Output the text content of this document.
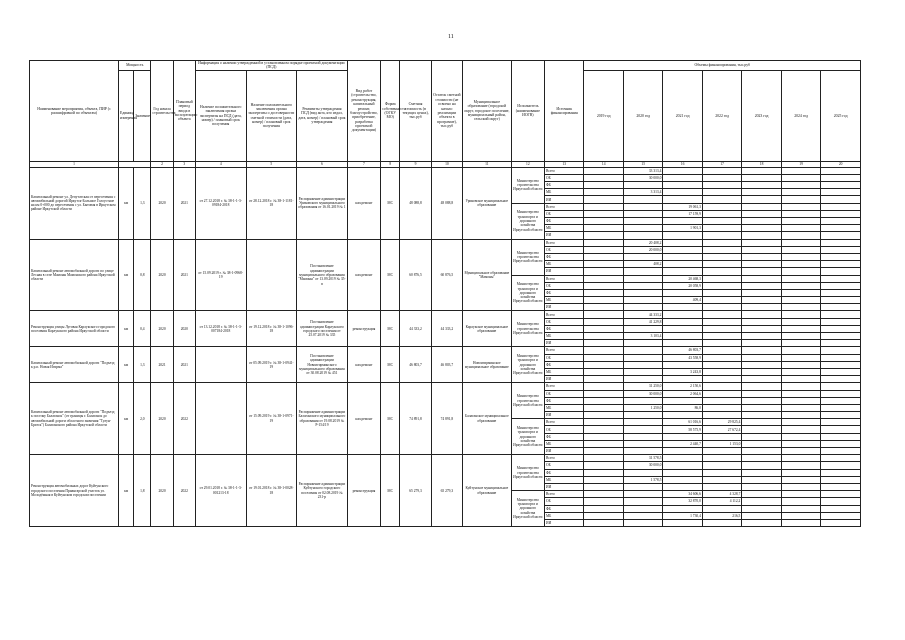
11
Наименование мероприятия, объекта, ПИР (с расшифровкой по объектам)	Мощность		Год начала строительства	Плановый период ввода в эксплуатацию объекта	Информация о наличии утвержденной в установленном порядке проектной документации (ПСД)			Вид работ (строительство, реконструкция, капитальный ремонт, благоустройство, приобретение, разработка проектной документации)	Форма собственности (ОГКУ МО)	Сметная стоимость (в текущих ценах), тыс.руб	Остаток сметной стоимости (не освоено на начало реализации объекта в программе), тыс.руб	Муниципальное образование (городской округ, городское поселение, муниципальный район, сельский округ)	Исполнитель (наименование ИОГВ)	Источник финансирования	Объемы финансирования, тыс.руб						
	Единица измерения	Значение			Наличие положительного заключения органа экспертизы на ПСД (дата, номер) / плановый срок получения	Наличие положительного заключения органа экспертизы о достоверности сметной стоимости (дата, номер) / плановый срок получения	Реквизиты утверждения ПСД (вид акта, кто издал, дата, номер) / плановый срок утверждения								2019 год	2020 год	2021 год	2022 год	2023 год	2024 год	2025 год

1			2	3	4	5	6	7	8	9	10	11	12	13	14	15	16	17	18	19	20
Капитальный ремонт ул. Депутатская от пересечения с автомобильной дорогой Иркутск-Большое Голоустное на км 0+000 до пересечения с ул. Бытовая в Иркутском районе Иркутской области	км	1,3	2020	2021	от 27.12.2018 г. № 38-1-1-3-09184-2018	от 28.12.2018 г. № 38-1-1181-18	Распоряжение администрации Уриковского муниципального образования от 16.01.2019 № 1	кап.ремонт	МС	48 088,8	48 088,8	Уриковское муниципальное образование	Министерство строительства Иркутской области	Всего		33 313,4					
														ОБ		30 000,0					
														ФБ							
														МБ		3 313,4					
														ИИ							
													Министерство транспорта и дорожного хозяйства Иркутской области	Всего			19 061,3				
														ОБ			17 159,9				
														ФБ							
														МБ			1 901,3				
														ИИ							
Капитальный ремонт автомобильной дороги по улице Лесная в селе Мамоны Мамонского района Иркутской области	км	0,8	2020	2021	от 15.09.2019 г. № 38-1-0968-19		Постановление администрации муниципального образования "Мамоны" от 13.09.2019 № 35-п	кап.ремонт	МС	60 876,5	60 876,5	Муниципальное образование "Мамоны"	Министерство строительства Иркутской области	Всего		20 408,2					
														ОБ		20 000,0					
														ФБ							
														МБ		408,2					
														ИИ							
													Министерство транспорта и дорожного хозяйства Иркутской области	Всего			20 468,3				
														ОБ			20 058,9				
														ФБ							
														МБ			409,4				
														ИИ							
Реконструкция улицы Луговая Карлукского городского поселения Карлукского района Иркутской области	км	0,4	2020	2020	от 13.12.2018 г. № 38-1-1-3-007184-2018	от 19.12.2018 г. № 38-1-1096-18	Постановление администрации Карлукского городского поселения от 25.07.2019 № 335	реконструкция	МС	44 333,2	44 333,2	Карлукское муниципальное образование	Министерство строительства Иркутской области	Всего		44 333,2					
														ОБ		41 229,8					
														ФБ							
														МБ		3 103,4					
														ИИ							
Капитальный ремонт автомобильной дороги "Подъезд к р.п. Новая Игирма"	км	1,3	2021	2021		от 05.09.2019 г. № 38-1-0941-19	Постановление администрации Новоигирминского муниципального образования от 30.08.2019 № 451	кап.ремонт	МС	46 803,7	46 803,7	Новоигирминское муниципальное образование	Министерство транспорта и дорожного хозяйства Иркутской области	Всего			46 803,7				
														ОБ			43 558,9				
														ФБ							
														МБ			3 243,8				
														ИИ							
Капитальный ремонт автомобильной дороги "Подъезд к поселку Балаганск" (от границы г. Балаганск до автомобильной дороги областного значения "Тулун-Братск") Балаганского района Иркутской области	км	2,0	2020	2022		от 15.09.2019 г. № 38-1-0971-19	Распоряжение администрации Балаганского муниципального образования от 19.08.2019 № Р-154/19	кап.ремонт	МС	74 891,8	74 891,8	Балаганское муниципальное образование	Министерство строительства Иркутской области	Всего		31 250,0	2 150,6				
														ОБ		30 000,0	2 064,6				
														ФБ							
														МБ		1 250,0	86,0				
														ИИ							
													Министерство транспорта и дорожного хозяйства Иркутской области	Всего			61 016,6	29 825,4			
														ОБ			58 575,9	27 672,4			
														ФБ							
														МБ			2 440,7	1 153,0			
														ИИ							
Реконструкция автомобильных дорог Куйтунского городского поселения Приангарской участок ул. Молодёжная в Куйтунском городском поселении	км	1,8	2020	2022	от 29.01.2018 г. № 38-1-1-3-001213-18	от 19.01.2018 г. № 38-1-0028-18	Распоряжение администрации Куйтунского городского поселения от 02.08.2019 № 231-р	реконструкция	МС	65 279,3	65 279,3	Куйтунское муниципальное образование	Министерство строительства Иркутской области	Всего		31 578,5					
														ОБ		30 000,0					
														ФБ							
														МБ		1 578,5					
														ИИ							
													Министерство транспорта и дорожного хозяйства Иркутской области	Всего			34 606,6	4 328,7			
														ОБ			32 870,0	4 112,2			
														ФБ							
														МБ			1 730,4	216,5			
														ИИ							
